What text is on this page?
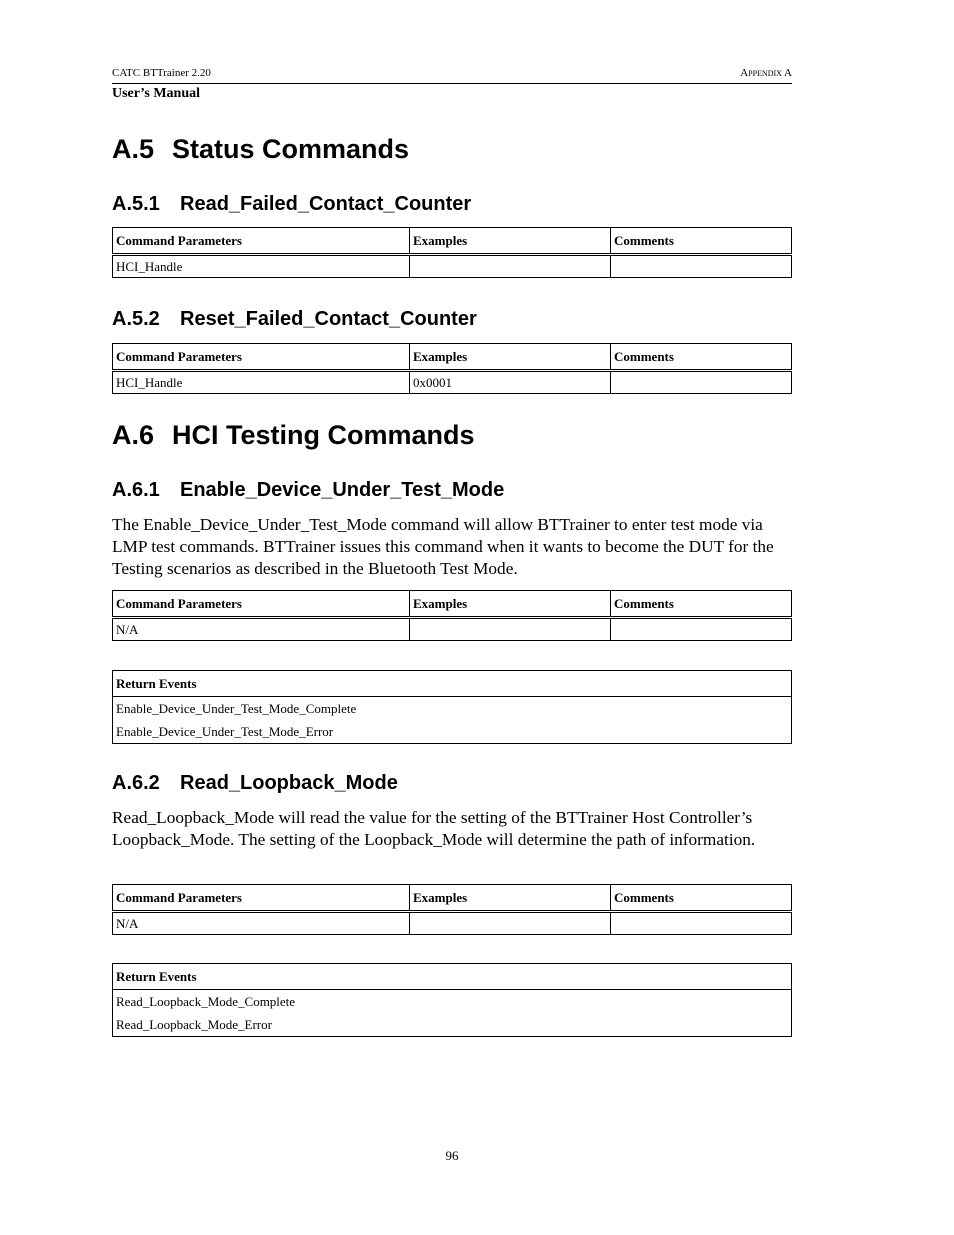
CATC BTTrainer 2.20	Appendix A
User’s Manual
A.5 Status Commands
A.5.1 Read_Failed_Contact_Counter
Command Parameters	Examples	Comments
HCI_Handle		
A.5.2 Reset_Failed_Contact_Counter
Command Parameters	Examples	Comments
HCI_Handle	0x0001	
A.6 HCI Testing Commands
A.6.1 Enable_Device_Under_Test_Mode

The Enable_Device_Under_Test_Mode command will allow BTTrainer to enter test mode via LMP test commands. BTTrainer issues this command when it wants to become the DUT for the Testing scenarios as described in the Bluetooth Test Mode.

Command Parameters	Examples	Comments
N/A		
Return Events
Enable_Device_Under_Test_Mode_Complete
Enable_Device_Under_Test_Mode_Error
A.6.2 Read_Loopback_Mode

Read_Loopback_Mode will read the value for the setting of the BTTrainer Host Controller’s Loopback_Mode. The setting of the Loopback_Mode will determine the path of information.

Command Parameters	Examples	Comments
N/A		
Return Events
Read_Loopback_Mode_Complete
Read_Loopback_Mode_Error
96
